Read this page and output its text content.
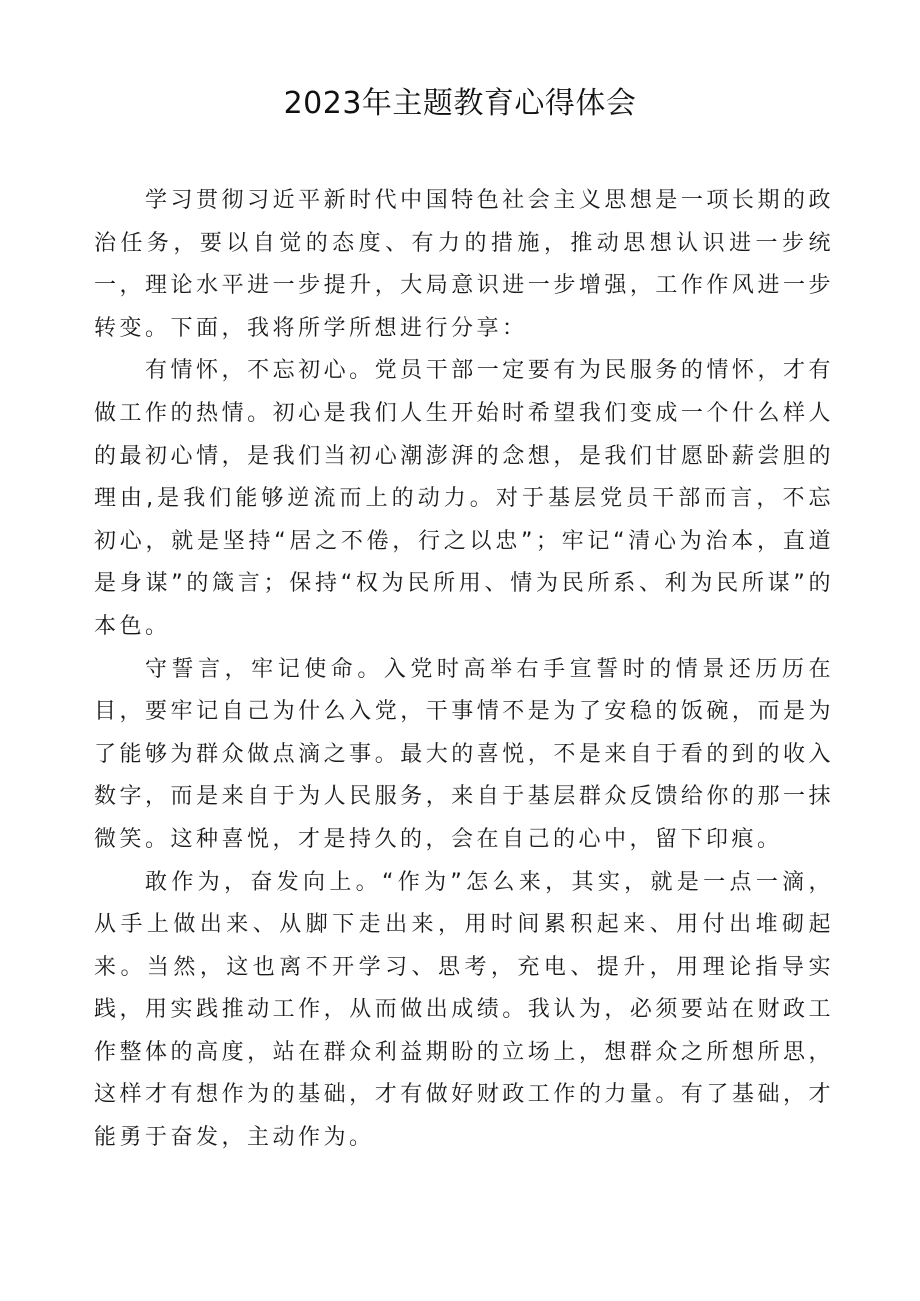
2023年主题教育心得体会

学习贯彻习近平新时代中国特色社会主义思想是一项长期的政治任务，要以自觉的态度、有力的措施，推动思想认识进一步统一，理论水平进一步提升，大局意识进一步增强，工作作风进一步转变。下面，我将所学所想进行分享：

有情怀，不忘初心。党员干部一定要有为民服务的情怀，才有做工作的热情。初心是我们人生开始时希望我们变成一个什么样人的最初心情，是我们当初心潮澎湃的念想，是我们甘愿卧薪尝胆的理由,是我们能够逆流而上的动力。对于基层党员干部而言，不忘初心，就是坚持“居之不倦，行之以忠”；牢记“清心为治本，直道是身谋”的箴言；保持“权为民所用、情为民所系、利为民所谋”的本色。

守誓言，牢记使命。入党时高举右手宣誓时的情景还历历在目，要牢记自己为什么入党，干事情不是为了安稳的饭碗，而是为了能够为群众做点滴之事。最大的喜悦，不是来自于看的到的收入数字，而是来自于为人民服务，来自于基层群众反馈给你的那一抹微笑。这种喜悦，才是持久的，会在自己的心中，留下印痕。

敢作为，奋发向上。“作为”怎么来，其实，就是一点一滴，从手上做出来、从脚下走出来，用时间累积起来、用付出堆砌起来。当然，这也离不开学习、思考，充电、提升，用理论指导实践，用实践推动工作，从而做出成绩。我认为，必须要站在财政工作整体的高度，站在群众利益期盼的立场上，想群众之所想所思，这样才有想作为的基础，才有做好财政工作的力量。有了基础，才能勇于奋发，主动作为。
